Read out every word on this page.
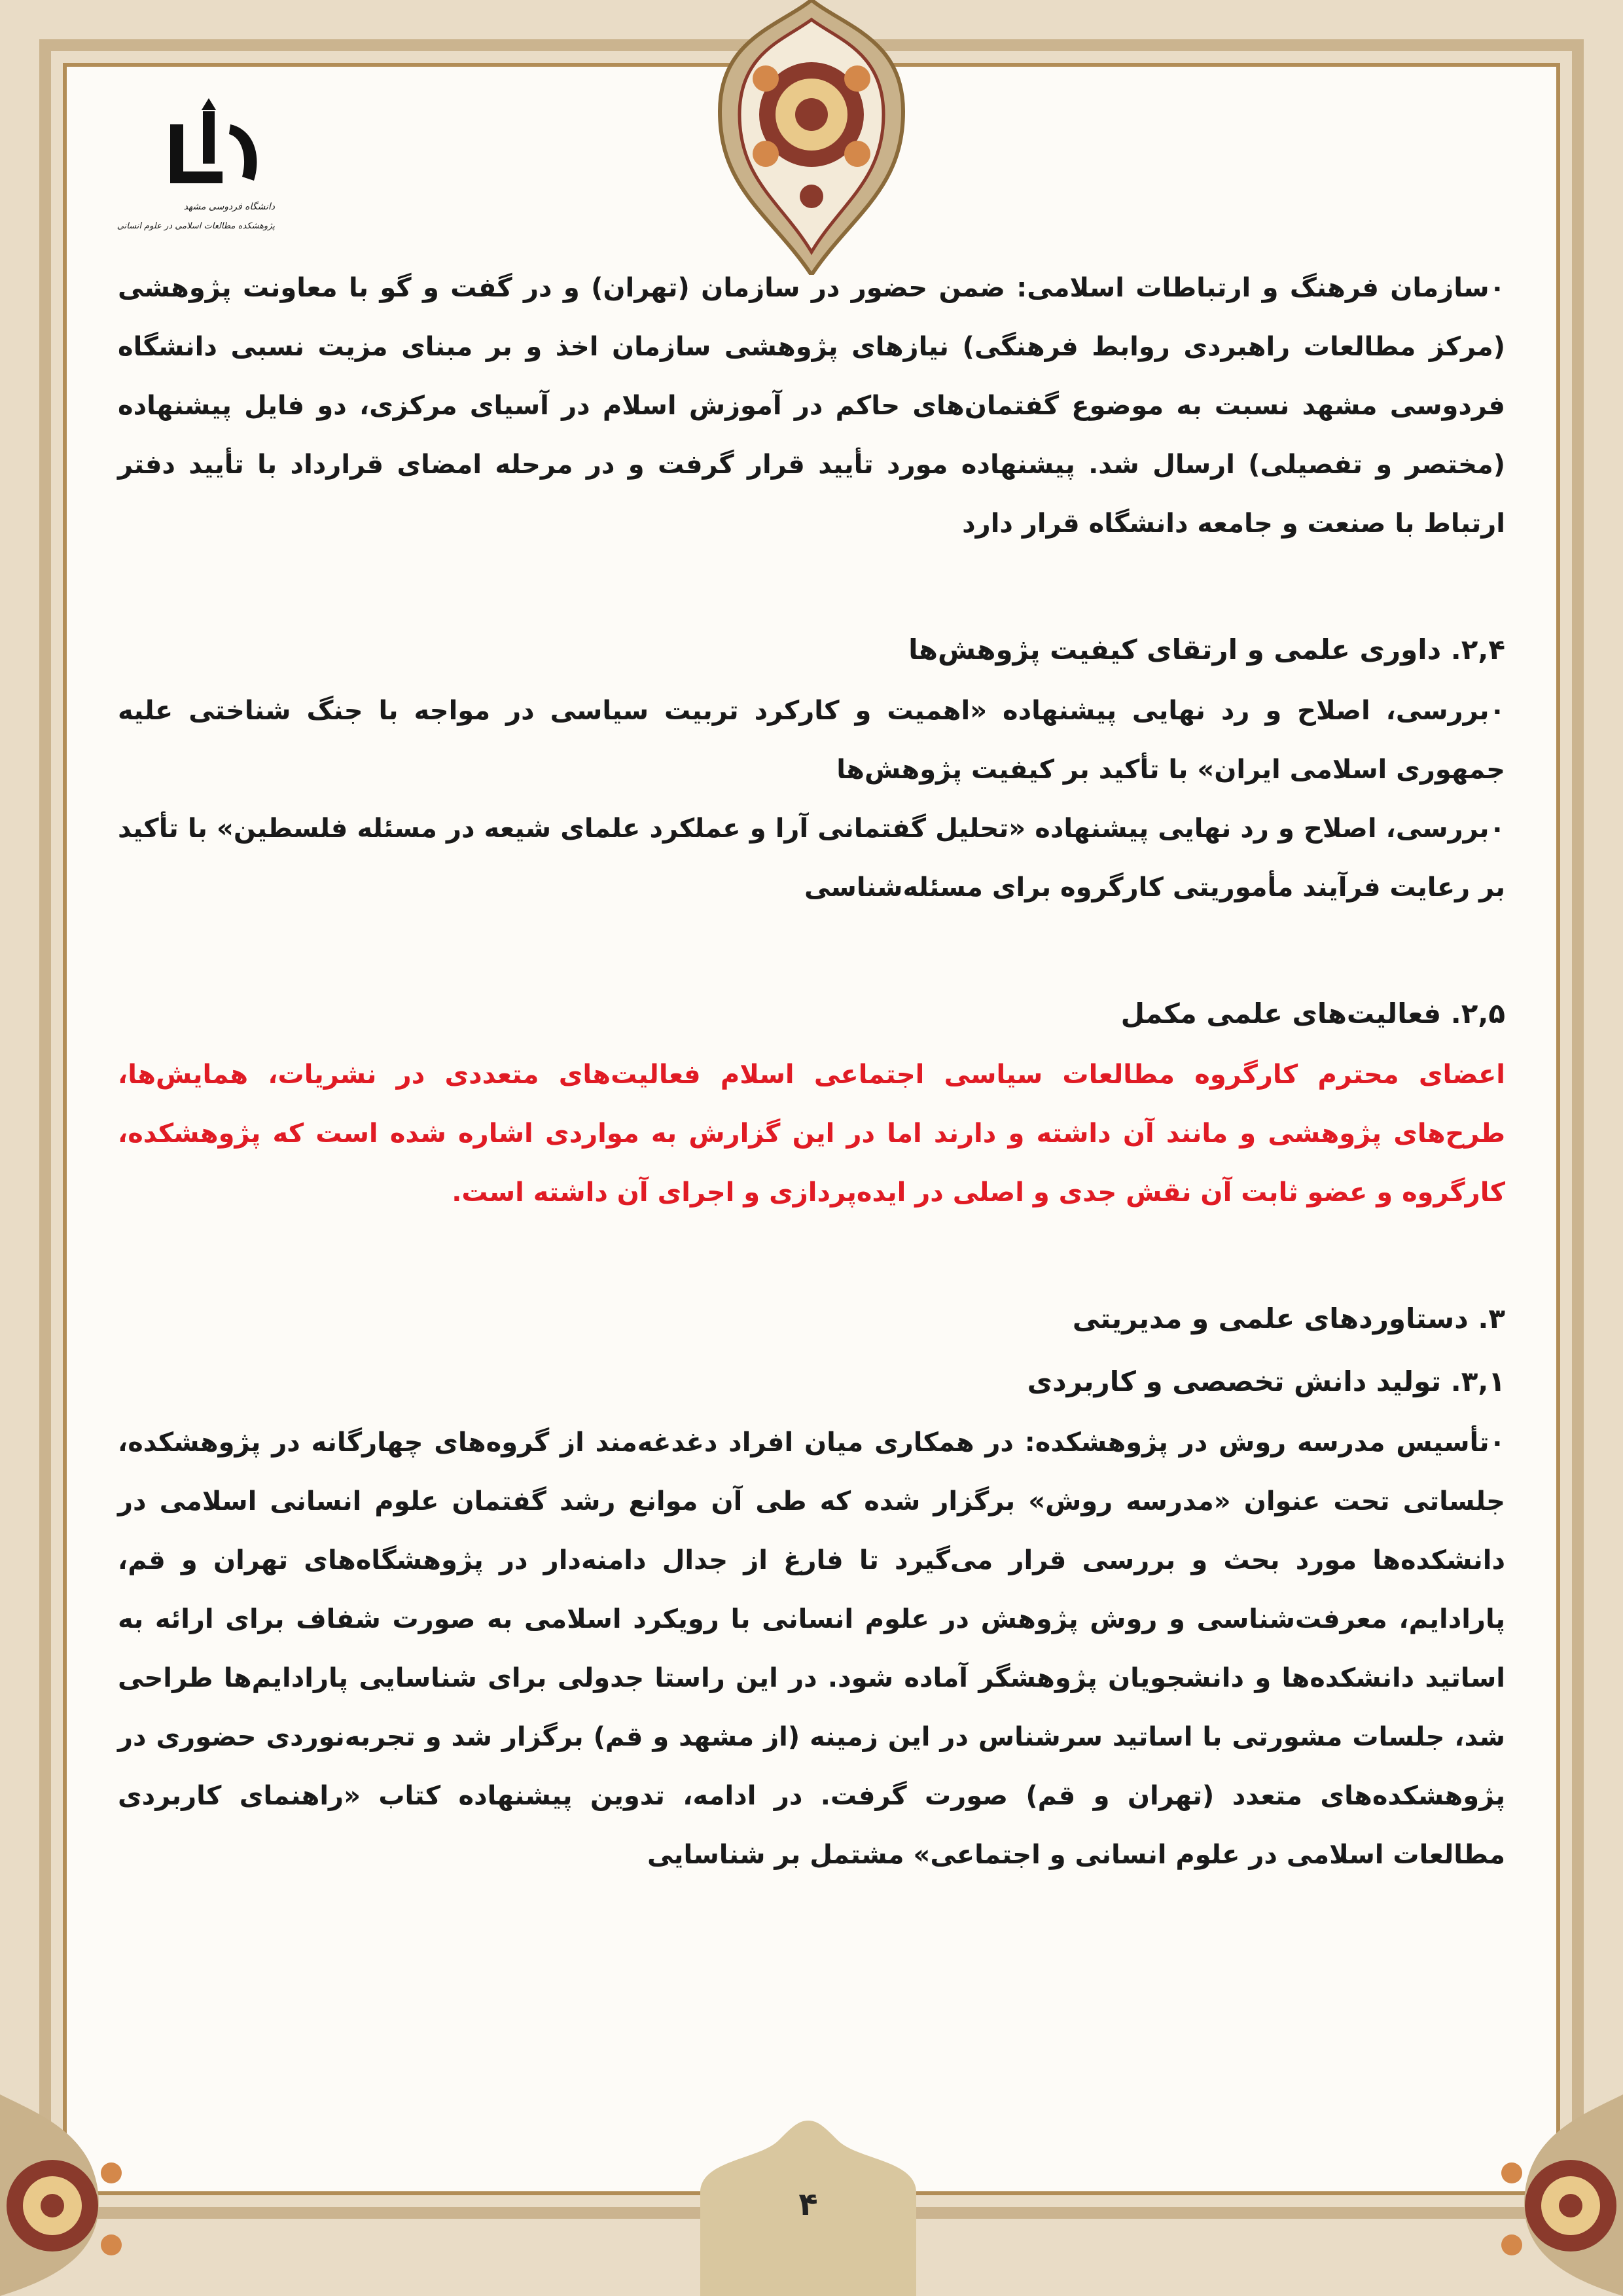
دانشگاه فردوسی مشهد
پژوهشکده مطالعات اسلامی در علوم انسانی

۰سازمان فرهنگ و ارتباطات اسلامی: ضمن حضور در سازمان (تهران) و در گفت و گو با معاونت پژوهشی (مرکز مطالعات راهبردی روابط فرهنگی) نیازهای پژوهشی سازمان اخذ و بر مبنای مزیت نسبی دانشگاه فردوسی مشهد نسبت به موضوع گفتمان‌های حاکم در آموزش اسلام در آسیای مرکزی، دو فایل پیشنهاده (مختصر و تفصیلی) ارسال شد. پیشنهاده مورد تأیید قرار گرفت و در مرحله امضای قرارداد با تأیید دفتر ارتباط با صنعت و جامعه دانشگاه قرار دارد

۲,۴. داوری علمی و ارتقای کیفیت پژوهش‌ها

۰بررسی، اصلاح و رد نهایی پیشنهاده «اهمیت و کارکرد تربیت سیاسی در مواجه با جنگ شناختی علیه جمهوری اسلامی ایران» با تأکید بر کیفیت پژوهش‌ها

۰بررسی، اصلاح و رد نهایی پیشنهاده «تحلیل گفتمانی آرا و عملکرد علمای شیعه در مسئله فلسطین» با تأکید بر رعایت فرآیند مأموریتی کارگروه برای مسئله‌شناسی

۲,۵. فعالیت‌های علمی مکمل

اعضای محترم کارگروه مطالعات سیاسی اجتماعی اسلام فعالیت‌های متعددی در نشریات، همایش‌ها، طرح‌های پژوهشی و مانند آن داشته و دارند اما در این گزارش به مواردی اشاره شده است که پژوهشکده، کارگروه و عضو ثابت آن نقش جدی و اصلی در ایده‌پردازی و اجرای آن داشته است.

۳. دستاوردهای علمی و مدیریتی

۳,۱. تولید دانش تخصصی و کاربردی

۰تأسیس مدرسه روش در پژوهشکده: در همکاری میان افراد دغدغه‌مند از گروه‌های چهارگانه در پژوهشکده، جلساتی تحت عنوان «مدرسه روش» برگزار شده که طی آن موانع رشد گفتمان علوم انسانی اسلامی در دانشکده‌ها مورد بحث و بررسی قرار می‌گیرد تا فارغ از جدال دامنه‌دار در پژوهشگاه‌های تهران و قم، پارادایم، معرفت‌شناسی و روش پژوهش در علوم انسانی با رویکرد اسلامی به صورت شفاف برای ارائه به اساتید دانشکده‌ها و دانشجویان پژوهشگر آماده شود. در این راستا جدولی برای شناسایی پارادایم‌ها طراحی شد، جلسات مشورتی با اساتید سرشناس در این زمینه (از مشهد و قم) برگزار شد و تجربه‌نوردی حضوری در پژوهشکده‌های متعدد (تهران و قم) صورت گرفت. در ادامه، تدوین پیشنهاده کتاب «راهنمای کاربردی مطالعات اسلامی در علوم انسانی و اجتماعی» مشتمل بر شناسایی

۴
